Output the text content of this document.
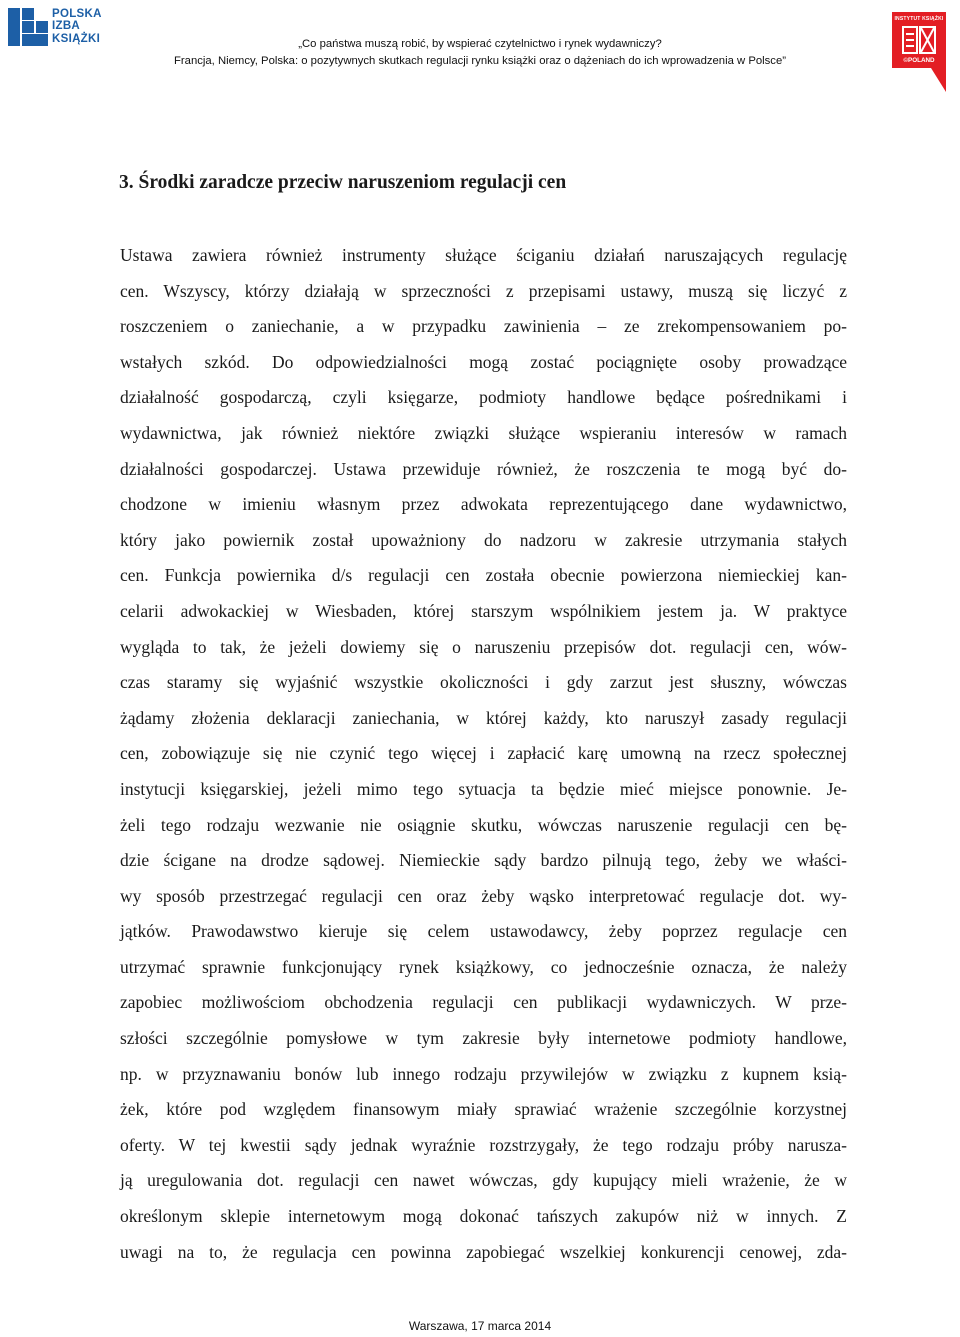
POLSKA
IZBA
KSIĄŻKI	„Co państwa muszą robić, by wspierać czytelnictwo i rynek wydawniczy?
Francja, Niemcy, Polska: o pozytywnych skutkach regulacji rynku książki oraz o dążeniach do ich wprowadzenia w Polsce”
INSTYTUT KSIĄŻKI
©POLAND
3. Środki zaradcze przeciw naruszeniom regulacji cen
Ustawa zawiera również instrumenty służące ściganiu działań naruszających regulację
cen. Wszyscy, którzy działają w sprzeczności z przepisami ustawy, muszą się liczyć z
roszczeniem o zaniechanie, a w przypadku zawinienia – ze zrekompensowaniem po-
wstałych szkód. Do odpowiedzialności mogą zostać pociągnięte osoby prowadzące
działalność gospodarczą, czyli księgarze, podmioty handlowe będące pośrednikami i
wydawnictwa, jak również niektóre związki służące wspieraniu interesów w ramach
działalności gospodarczej. Ustawa przewiduje również, że roszczenia te mogą być do-
chodzone w imieniu własnym przez adwokata reprezentującego dane wydawnictwo,
który jako powiernik został upoważniony do nadzoru w zakresie utrzymania stałych
cen. Funkcja powiernika d/s regulacji cen została obecnie powierzona niemieckiej kan-
celarii adwokackiej w Wiesbaden, której starszym wspólnikiem jestem ja. W praktyce
wygląda to tak, że jeżeli dowiemy się o naruszeniu przepisów dot. regulacji cen, wów-
czas staramy się wyjaśnić wszystkie okoliczności i gdy zarzut jest słuszny, wówczas
żądamy złożenia deklaracji zaniechania, w której każdy, kto naruszył zasady regulacji
cen, zobowiązuje się nie czynić tego więcej i zapłacić karę umowną na rzecz społecznej
instytucji księgarskiej, jeżeli mimo tego sytuacja ta będzie mieć miejsce ponownie. Je-
żeli tego rodzaju wezwanie nie osiągnie skutku, wówczas naruszenie regulacji cen bę-
dzie ścigane na drodze sądowej. Niemieckie sądy bardzo pilnują tego, żeby we właści-
wy sposób przestrzegać regulacji cen oraz żeby wąsko interpretować regulacje dot. wy-
jątków. Prawodawstwo kieruje się celem ustawodawcy, żeby poprzez regulacje cen
utrzymać sprawnie funkcjonujący rynek książkowy, co jednocześnie oznacza, że należy
zapobiec możliwościom obchodzenia regulacji cen publikacji wydawniczych. W prze-
szłości szczególnie pomysłowe w tym zakresie były internetowe podmioty handlowe,
np. w przyznawaniu bonów lub innego rodzaju przywilejów w związku z kupnem ksią-
żek, które pod względem finansowym miały sprawiać wrażenie szczególnie korzystnej
oferty. W tej kwestii sądy jednak wyraźnie rozstrzygały, że tego rodzaju próby narusza-
ją uregulowania dot. regulacji cen nawet wówczas, gdy kupujący mieli wrażenie, że w
określonym sklepie internetowym mogą dokonać tańszych zakupów niż w innych. Z
uwagi na to, że regulacja cen powinna zapobiegać wszelkiej konkurencji cenowej, zda-
Warszawa, 17 marca 2014
